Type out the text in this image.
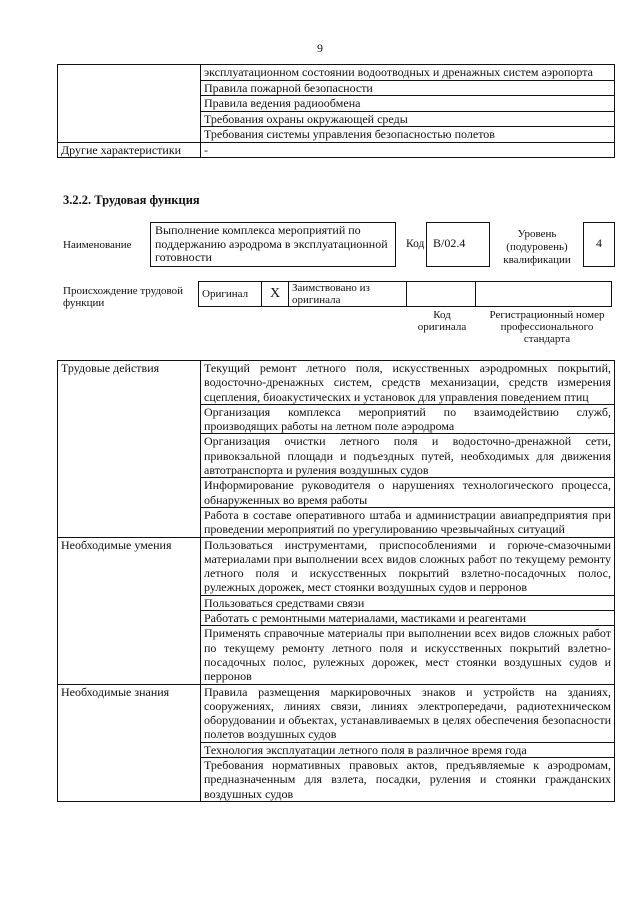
9
	эксплуатационном состоянии водоотводных и дренажных систем аэропорта
	Правила пожарной безопасности
	Правила ведения радиообмена
	Требования охраны окружающей среды
	Требования системы управления безопасностью полетов
Другие характеристики	-
3.2.2. Трудовая функция
Наименование
Выполнение комплекса мероприятий по поддержанию аэродрома в эксплуатационной готовности
Код В/02.4
Уровень (подуровень) квалификации
4
Происхождение трудовой функции
Оригинал	X	Заимствовано из оригинала		
Код оригинала
Регистрационный номер профессионального стандарта
Трудовые действия	Текущий ремонт летного поля, искусственных аэродромных покрытий, водосточно-дренажных систем, средств механизации, средств измерения сцепления, биоакустических и установок для управления поведением птиц
	Организация комплекса мероприятий по взаимодействию служб, производящих работы на летном поле аэродрома
	Организация очистки летного поля и водосточно-дренажной сети, привокзальной площади и подъездных путей, необходимых для движения автотранспорта и руления воздушных судов
	Информирование руководителя о нарушениях технологического процесса, обнаруженных во время работы
	Работа в составе оперативного штаба и администрации авиапредприятия при проведении мероприятий по урегулированию чрезвычайных ситуаций
Необходимые умения	Пользоваться инструментами, приспособлениями и горюче-смазочными материалами при выполнении всех видов сложных работ по текущему ремонту летного поля и искусственных покрытий взлетно-посадочных полос, рулежных дорожек, мест стоянки воздушных судов и перронов
	Пользоваться средствами связи
	Работать с ремонтными материалами, мастиками и реагентами
	Применять справочные материалы при выполнении всех видов сложных работ по текущему ремонту летного поля и искусственных покрытий взлетно-посадочных полос, рулежных дорожек, мест стоянки воздушных судов и перронов
Необходимые знания	Правила размещения маркировочных знаков и устройств на зданиях, сооружениях, линиях связи, линиях электропередачи, радиотехническом оборудовании и объектах, устанавливаемых в целях обеспечения безопасности полетов воздушных судов
	Технология эксплуатации летного поля в различное время года
	Требования нормативных правовых актов, предъявляемые к аэродромам, предназначенным для взлета, посадки, руления и стоянки гражданских воздушных судов
